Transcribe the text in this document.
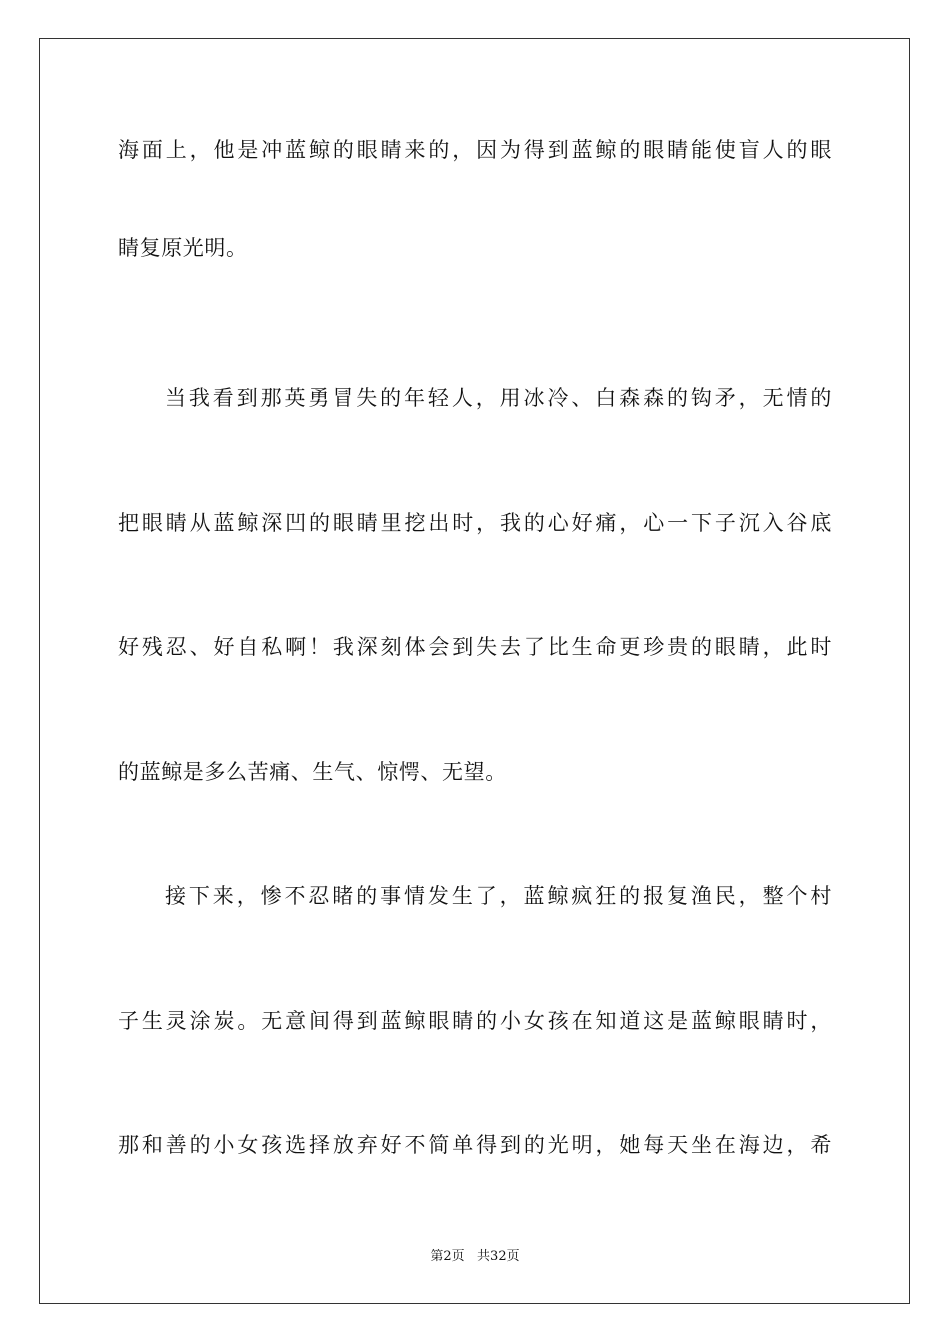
海面上，他是冲蓝鲸的眼睛来的，因为得到蓝鲸的眼睛能使盲人的眼
睛复原光明。
当我看到那英勇冒失的年轻人，用冰冷、白森森的钩矛，无情的
把眼睛从蓝鲸深凹的眼睛里挖出时，我的心好痛，心一下子沉入谷底
好残忍、好自私啊！我深刻体会到失去了比生命更珍贵的眼睛，此时
的蓝鲸是多么苦痛、生气、惊愕、无望。
接下来，惨不忍睹的事情发生了，蓝鲸疯狂的报复渔民，整个村
子生灵涂炭。无意间得到蓝鲸眼睛的小女孩在知道这是蓝鲸眼睛时，
那和善的小女孩选择放弃好不简单得到的光明，她每天坐在海边，希
第2页   共32页
